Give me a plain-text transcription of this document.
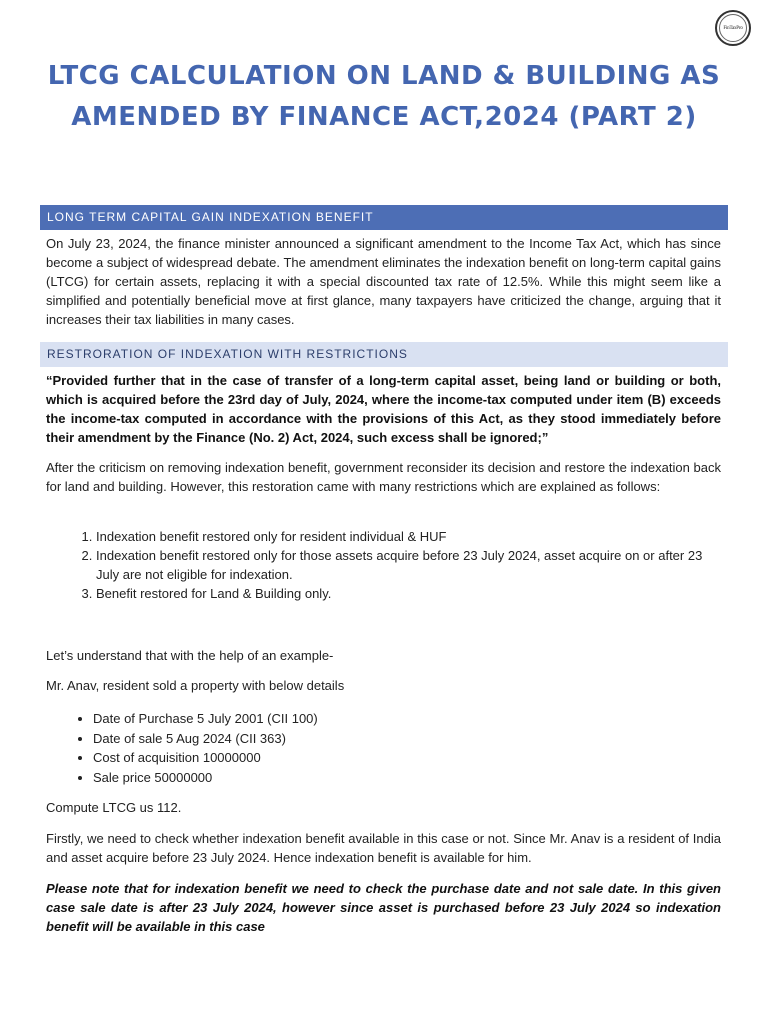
FinTaxPro
LTCG CALCULATION ON LAND & BUILDING AS AMENDED BY FINANCE ACT,2024 (PART 2)
LONG TERM CAPITAL GAIN INDEXATION BENEFIT
On July 23, 2024, the finance minister announced a significant amendment to the Income Tax Act, which has since become a subject of widespread debate. The amendment eliminates the indexation benefit on long-term capital gains (LTCG) for certain assets, replacing it with a special discounted tax rate of 12.5%. While this might seem like a simplified and potentially beneficial move at first glance, many taxpayers have criticized the change, arguing that it increases their tax liabilities in many cases.
RESTRORATION OF INDEXATION WITH RESTRICTIONS
“Provided further that in the case of transfer of a long-term capital asset, being land or building or both, which is acquired before the 23rd day of July, 2024, where the income-tax computed under item (B) exceeds the income-tax computed in accordance with the provisions of this Act, as they stood immediately before their amendment by the Finance (No. 2) Act, 2024, such excess shall be ignored;”
After the criticism on removing indexation benefit, government reconsider its decision and restore the indexation back for land and building. However, this restoration came with many restrictions which are explained as follows:
1. Indexation benefit restored only for resident individual & HUF
2. Indexation benefit restored only for those assets acquire before 23 July 2024, asset acquire on or after 23 July are not eligible for indexation.
3. Benefit restored for Land & Building only.
Let’s understand that with the help of an example-
Mr. Anav, resident sold a property with below details
• Date of Purchase 5 July 2001 (CII 100)
• Date of sale 5 Aug 2024 (CII 363)
• Cost of acquisition 10000000
• Sale price 50000000
Compute LTCG us 112.
Firstly, we need to check whether indexation benefit available in this case or not. Since Mr. Anav is a resident of India and asset acquire before 23 July 2024. Hence indexation benefit is available for him.
Please note that for indexation benefit we need to check the purchase date and not sale date. In this given case sale date is after 23 July 2024, however since asset is purchased before 23 July 2024 so indexation benefit will be available in this case
